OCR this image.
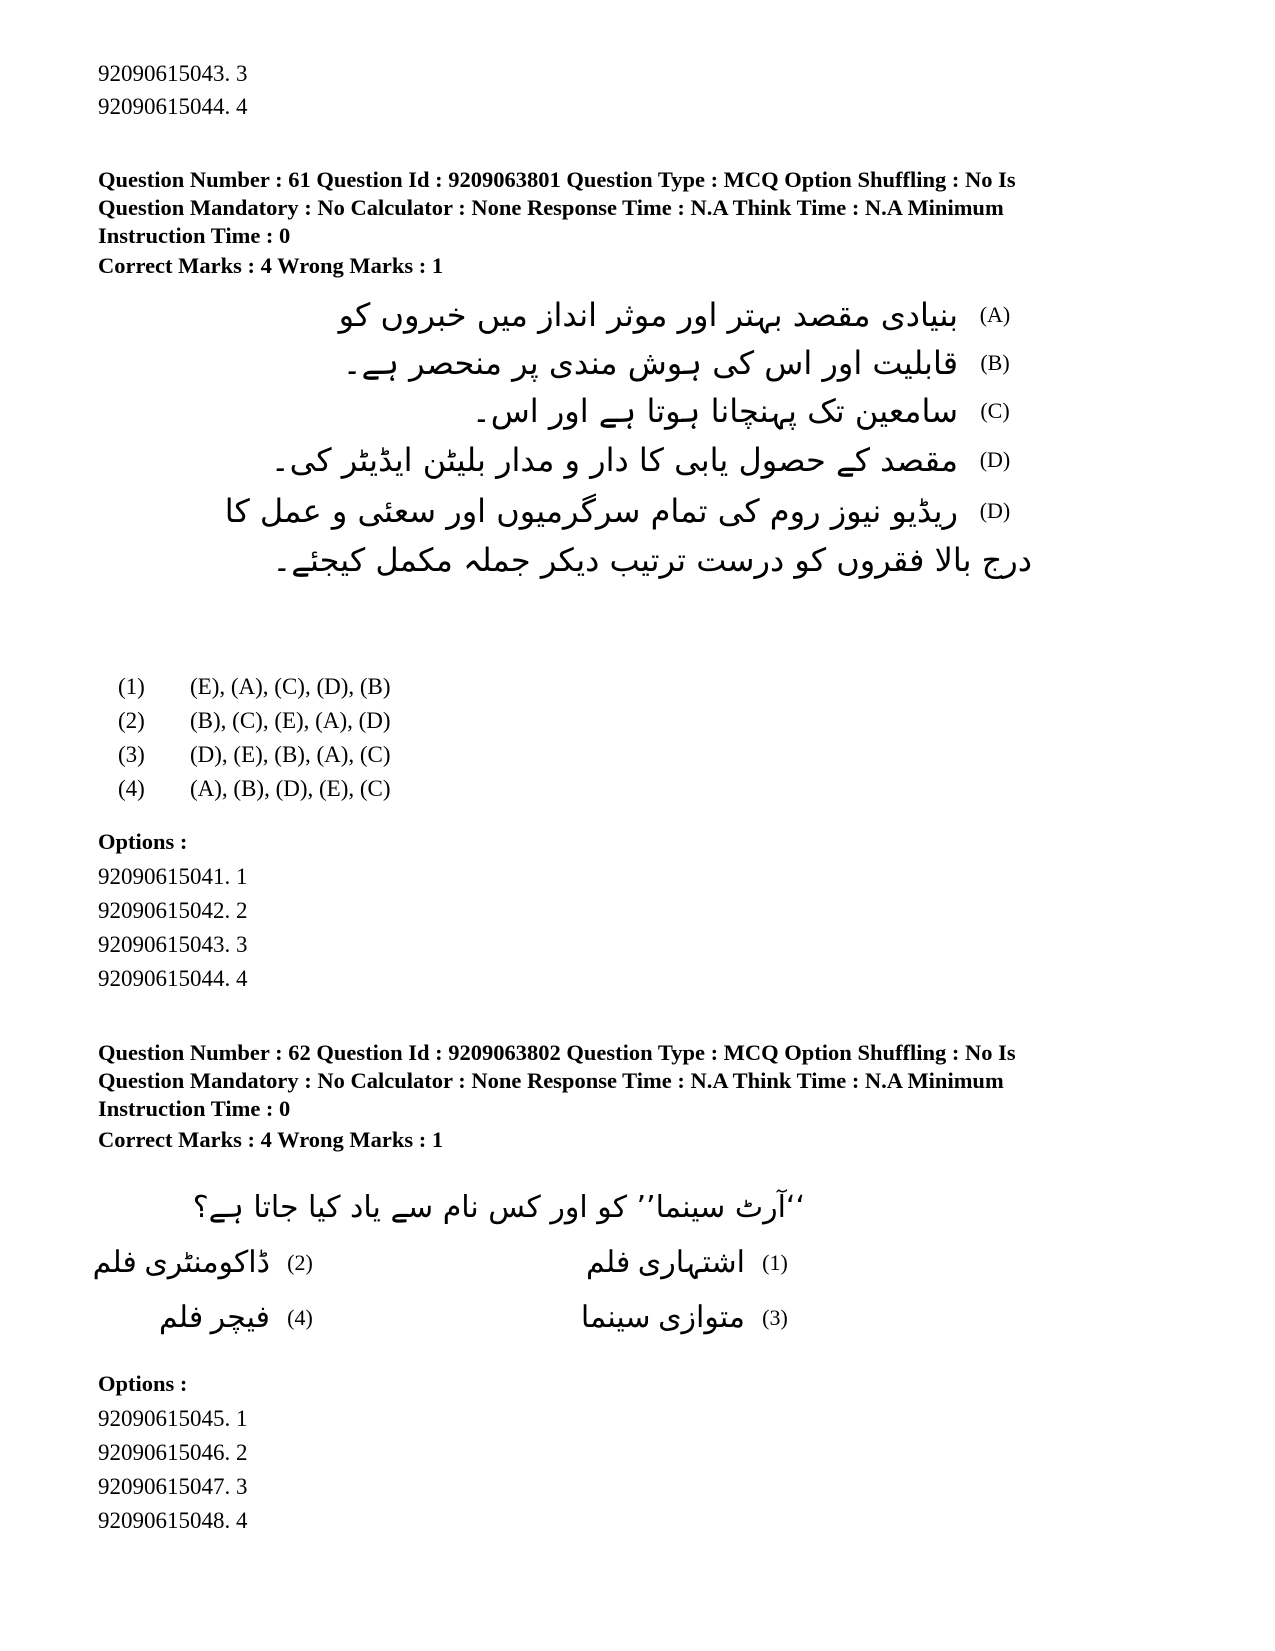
92090615043. 3
92090615044. 4
Question Number : 61 Question Id : 9209063801 Question Type : MCQ Option Shuffling : No Is
Question Mandatory : No Calculator : None Response Time : N.A Think Time : N.A Minimum
Instruction Time : 0
Correct Marks : 4 Wrong Marks : 1
(A)
بنیادی مقصد بہتر اور موثر انداز میں خبروں کو
(B)
قابلیت اور اس کی ہوش مندی پر منحصر ہے۔
(C)
سامعین تک پہنچانا ہوتا ہے اور اس۔
(D)
مقصد کے حصول یابی کا دار و مدار بلیٹن ایڈیٹر کی۔
(D)
ریڈیو نیوز روم کی تمام سرگرمیوں اور سعئی و عمل کا
درج بالا فقروں کو درست ترتیب دیکر جملہ مکمل کیجئے۔
(1)	(E), (A), (C), (D), (B)
(2)	(B), (C), (E), (A), (D)
(3)	(D), (E), (B), (A), (C)
(4)	(A), (B), (D), (E), (C)
Options :
92090615041. 1
92090615042. 2
92090615043. 3
92090615044. 4
Question Number : 62 Question Id : 9209063802 Question Type : MCQ Option Shuffling : No Is
Question Mandatory : No Calculator : None Response Time : N.A Think Time : N.A Minimum
Instruction Time : 0
Correct Marks : 4 Wrong Marks : 1
‘‘آرٹ سینما’’ کو اور کس نام سے یاد کیا جاتا ہے؟
(1)
اشتہاری فلم
(2)
ڈاکومنٹری فلم
(3)
متوازی سینما
(4)
فیچر فلم
Options :
92090615045. 1
92090615046. 2
92090615047. 3
92090615048. 4
